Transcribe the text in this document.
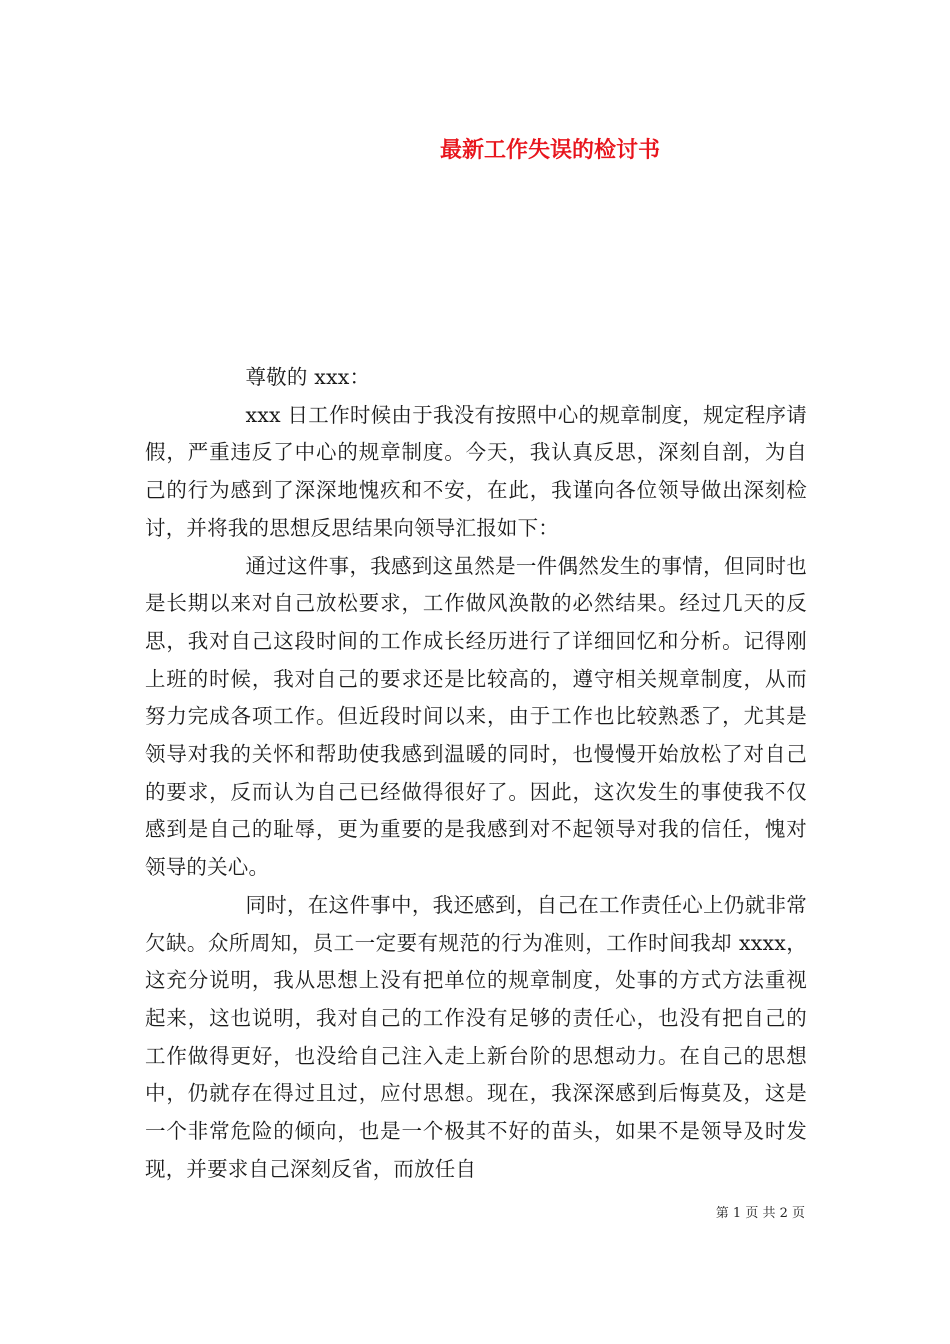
最新工作失误的检讨书

尊敬的 xxx：

xxx 日工作时候由于我没有按照中心的规章制度，规定程序请假，严重违反了中心的规章制度。今天，我认真反思，深刻自剖，为自己的行为感到了深深地愧疚和不安，在此，我谨向各位领导做出深刻检讨，并将我的思想反思结果向领导汇报如下：

通过这件事，我感到这虽然是一件偶然发生的事情，但同时也是长期以来对自己放松要求，工作做风涣散的必然结果。经过几天的反思，我对自己这段时间的工作成长经历进行了详细回忆和分析。记得刚上班的时候，我对自己的要求还是比较高的，遵守相关规章制度，从而努力完成各项工作。但近段时间以来，由于工作也比较熟悉了，尤其是领导对我的关怀和帮助使我感到温暖的同时，也慢慢开始放松了对自己的要求，反而认为自己已经做得很好了。因此，这次发生的事使我不仅感到是自己的耻辱，更为重要的是我感到对不起领导对我的信任，愧对领导的关心。

同时，在这件事中，我还感到，自己在工作责任心上仍就非常欠缺。众所周知，员工一定要有规范的行为准则，工作时间我却 xxxx，这充分说明，我从思想上没有把单位的规章制度，处事的方式方法重视起来，这也说明，我对自己的工作没有足够的责任心，也没有把自己的工作做得更好，也没给自己注入走上新台阶的思想动力。在自己的思想中，仍就存在得过且过，应付思想。现在，我深深感到后悔莫及，这是一个非常危险的倾向，也是一个极其不好的苗头，如果不是领导及时发现，并要求自己深刻反省，而放任自

第 1 页 共 2 页
